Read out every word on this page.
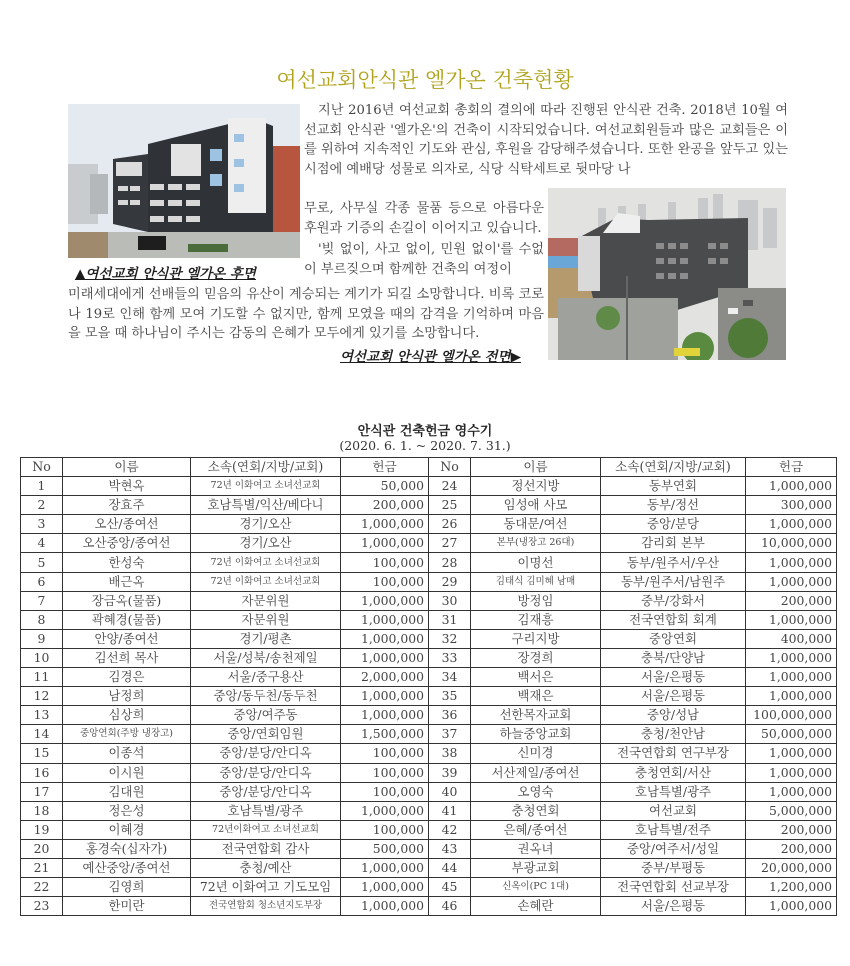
여선교회안식관 엘가온 건축현황
▲여선교회 안식관 엘가온 후면
지난 2016년 여선교회 총회의 결의에 따라 진행된 안식관 건축. 2018년 10월 여선교회 안식관 '엘가온'의 건축이 시작되었습니다. 여선교회원들과 많은 교회들은 이를 위하여 지속적인 기도와 관심, 후원을 감당해주셨습니다. 또한 완공을 앞두고 있는 시점에 예배당 성물로 의자로, 식당 식탁세트로 뒷마당 나
무로, 사무실 각종 물품 등으로 아름다운 후원과 기증의 손길이 이어지고 있습니다.
'빚 없이, 사고 없이, 민원 없이'를 수없이 부르짖으며 함께한 건축의 여정이
미래세대에게 선배들의 믿음의 유산이 계승되는 계기가 되길 소망합니다. 비록 코로나 19로 인해 함께 모여 기도할 수 없지만, 함께 모였을 때의 감격을 기억하며 마음을 모을 때 하나님이 주시는 감동의 은혜가 모두에게 있기를 소망합니다.
여선교회 안식관 엘가온 전면▶
안식관 건축헌금 영수기
(2020. 6. 1. ~ 2020. 7. 31.)
No	이름	소속(연회/지방/교회)	헌금	No	이름	소속(연회/지방/교회)	헌금
1	박현옥	72년 이화여고 소녀선교회	50,000	24	정선지방	동부연회	1,000,000
2	장효주	호남특별/익산/베다니	200,000	25	임성애 사모	동부/정선	300,000
3	오산/종여선	경기/오산	1,000,000	26	동대문/여선	중앙/분당	1,000,000
4	오산중앙/종여선	경기/오산	1,000,000	27	본부(냉장고 26대)	감리회 본부	10,000,000
5	한성숙	72년 이화여고 소녀선교회	100,000	28	이명선	동부/원주서/우산	1,000,000
6	배근옥	72년 이화여고 소녀선교회	100,000	29	김태식 김미혜 남매	동부/원주서/남원주	1,000,000
7	장금옥(물품)	자문위원	1,000,000	30	방정임	중부/강화서	200,000
8	곽혜경(물품)	자문위원	1,000,000	31	김재흥	전국연합회 회계	1,000,000
9	안양/종여선	경기/평촌	1,000,000	32	구리지방	중앙연회	400,000
10	김선희 목사	서울/성북/송천제일	1,000,000	33	장경희	충북/단양남	1,000,000
11	김경은	서울/중구용산	2,000,000	34	백서은	서울/은평동	1,000,000
12	남정희	중앙/동두천/동두천	1,000,000	35	백재은	서울/은평동	1,000,000
13	심상희	중앙/여주동	1,000,000	36	선한목자교회	중앙/성남	100,000,000
14	중앙연회(주방 냉장고)	중앙/연회임원	1,500,000	37	하늘중앙교회	충청/천안남	50,000,000
15	이종석	중앙/분당/안디옥	100,000	38	신미경	전국연합회 연구부장	1,000,000
16	이시원	중앙/분당/안디옥	100,000	39	서산제일/종여선	충청연회/서산	1,000,000
17	김대원	중앙/분당/안디옥	100,000	40	오영숙	호남특별/광주	1,000,000
18	정은성	호남특별/광주	1,000,000	41	충청연회	여선교회	5,000,000
19	이혜경	72년이화여고 소녀선교회	100,000	42	은혜/종여선	호남특별/전주	200,000
20	홍경숙(십자가)	전국연합회 감사	500,000	43	권옥녀	중앙/여주서/성일	200,000
21	예산중앙/종여선	충청/예산	1,000,000	44	부광교회	중부/부평동	20,000,000
22	김영희	72년 이화여고 기도모임	1,000,000	45	신옥이(PC 1대)	전국연합회 선교부장	1,200,000
23	한미란	전국연합회 청소년지도부장	1,000,000	46	손혜란	서울/은평동	1,000,000
